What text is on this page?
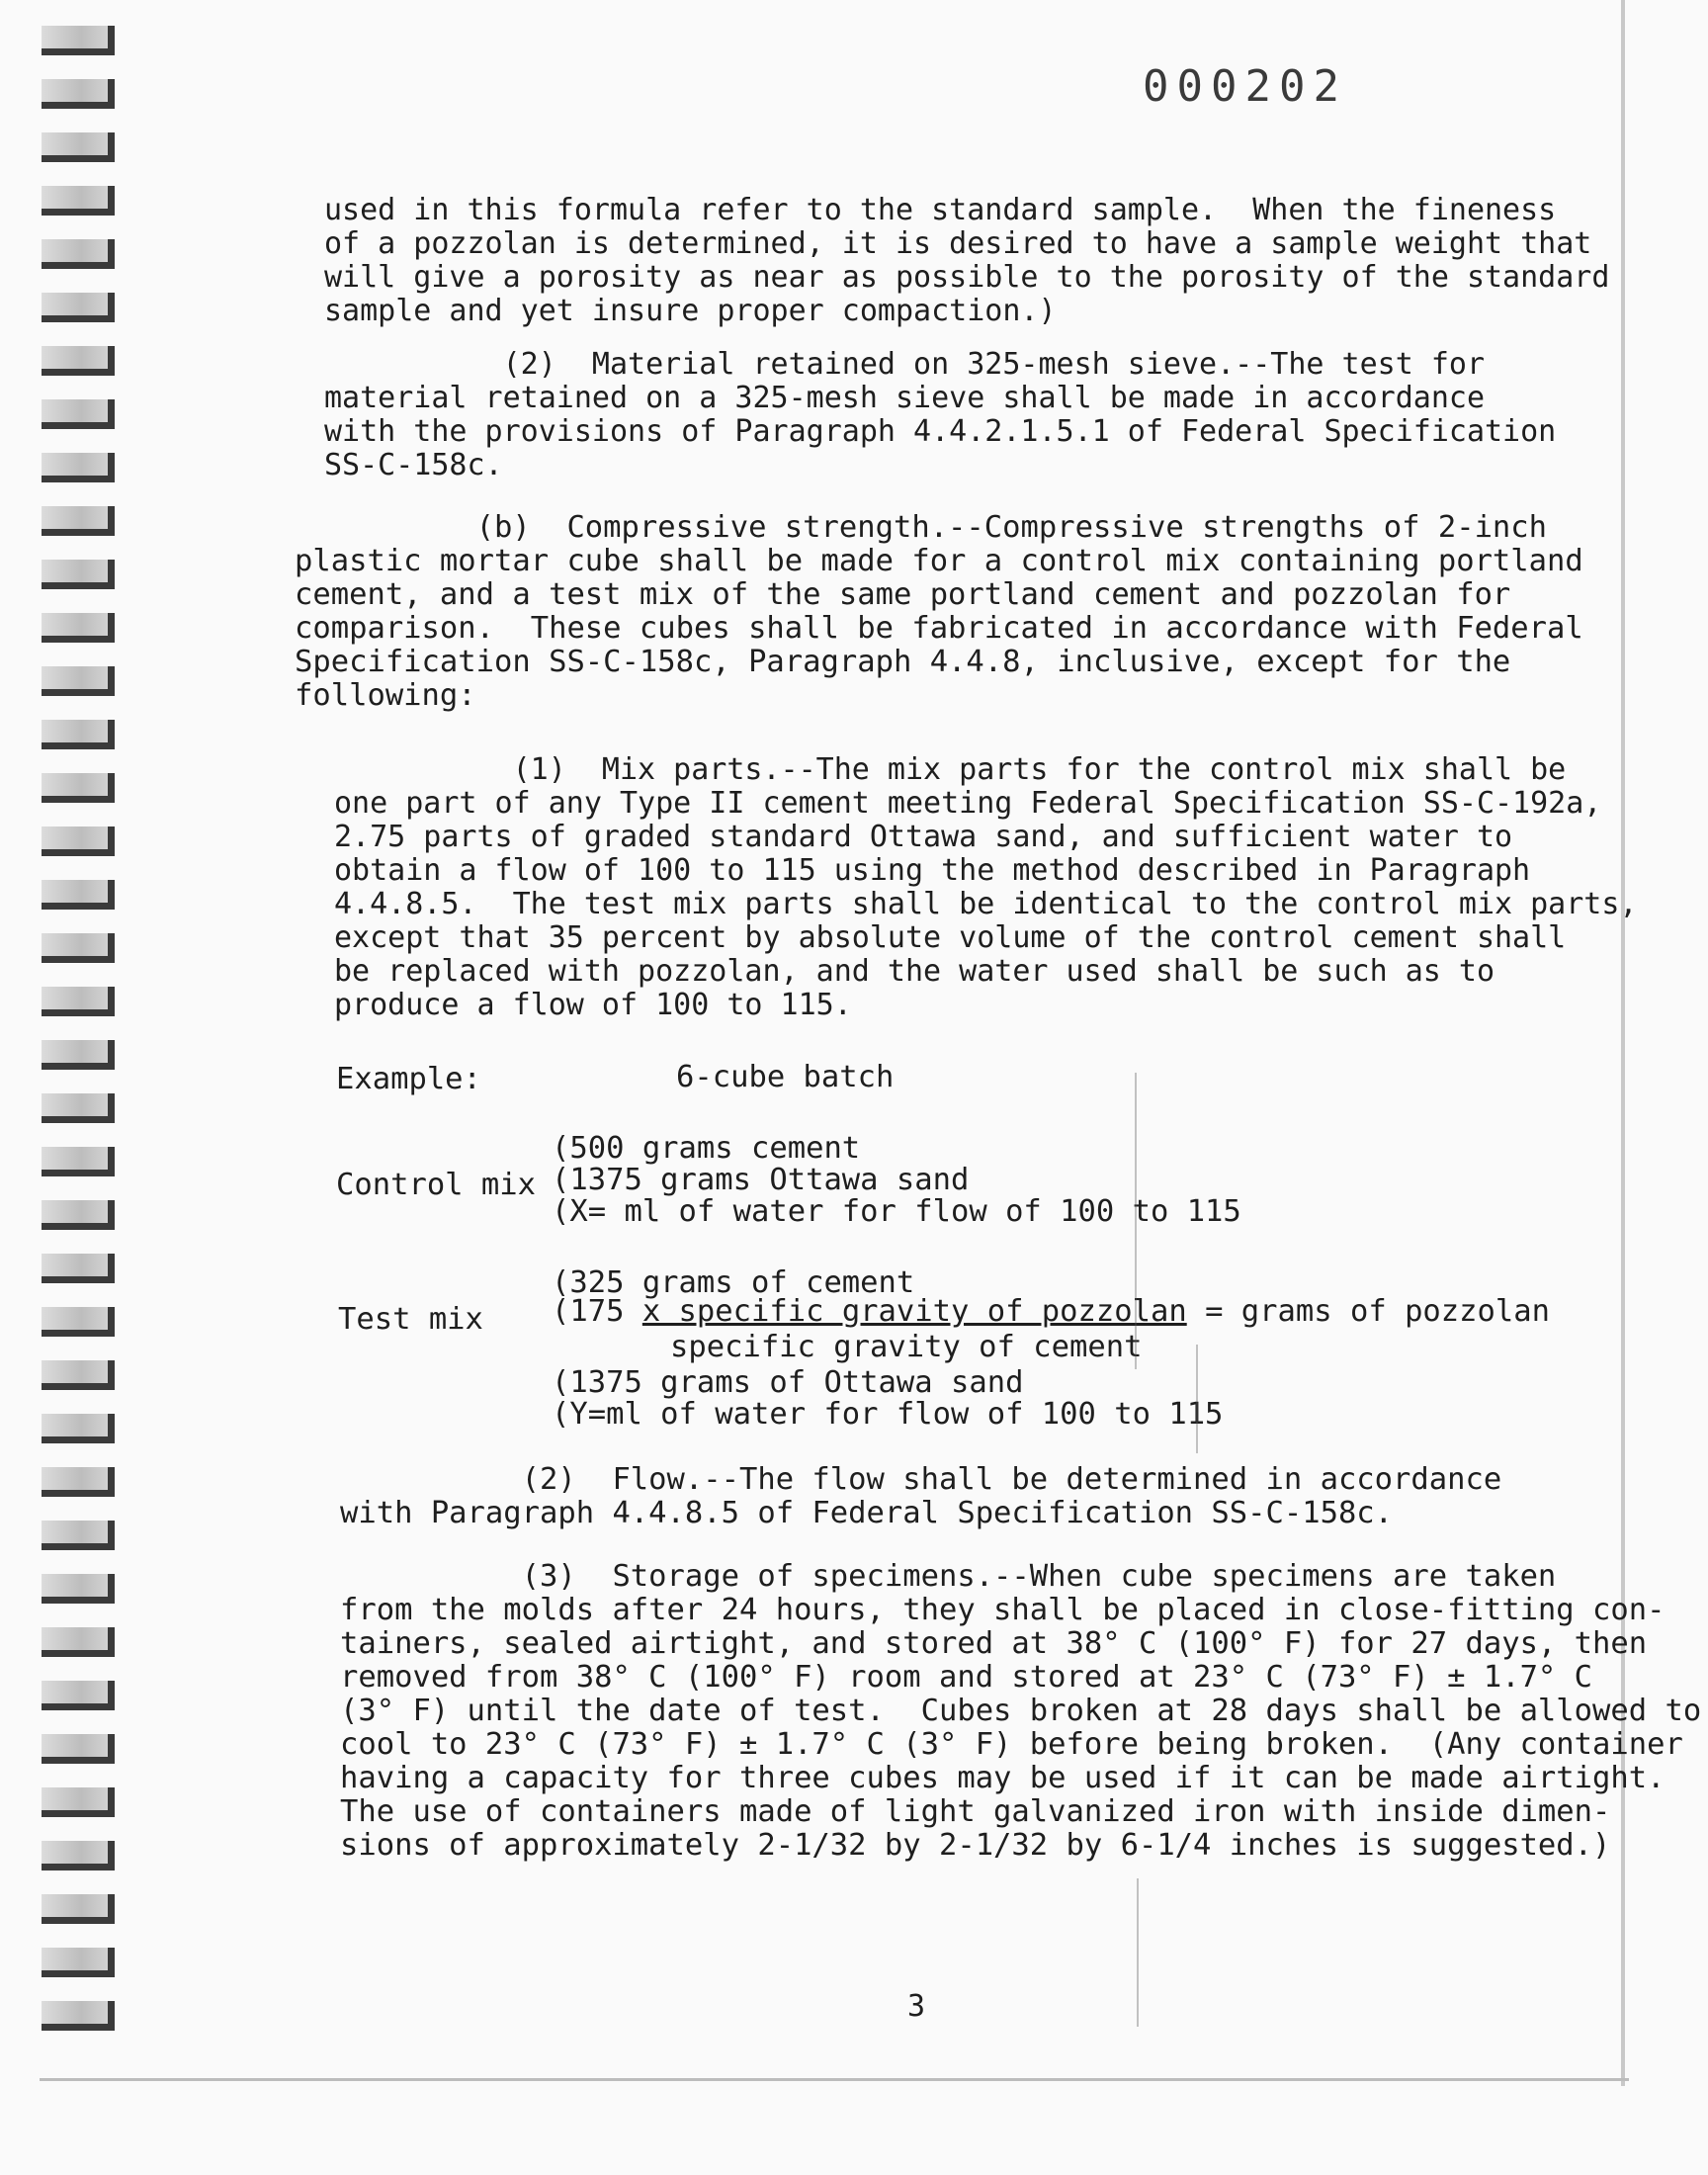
000202
used in this formula refer to the standard sample.  When the fineness
of a pozzolan is determined, it is desired to have a sample weight that
will give a porosity as near as possible to the porosity of the standard
sample and yet insure proper compaction.)
(2)  Material retained on 325-mesh sieve.--The test for
material retained on a 325-mesh sieve shall be made in accordance
with the provisions of Paragraph 4.4.2.1.5.1 of Federal Specification
SS-C-158c.
(b)  Compressive strength.--Compressive strengths of 2-inch
plastic mortar cube shall be made for a control mix containing portland
cement, and a test mix of the same portland cement and pozzolan for
comparison.  These cubes shall be fabricated in accordance with Federal
Specification SS-C-158c, Paragraph 4.4.8, inclusive, except for the
following:
(1)  Mix parts.--The mix parts for the control mix shall be
one part of any Type II cement meeting Federal Specification SS-C-192a,
2.75 parts of graded standard Ottawa sand, and sufficient water to
obtain a flow of 100 to 115 using the method described in Paragraph
4.4.8.5.  The test mix parts shall be identical to the control mix parts,
except that 35 percent by absolute volume of the control cement shall
be replaced with pozzolan, and the water used shall be such as to
produce a flow of 100 to 115.
Example:	6-cube batch
Control mix
(500 grams cement
(1375 grams Ottawa sand
(X= ml of water for flow of 100 to 115
Test mix
(325 grams of cement
(175 x specific gravity of pozzolan = grams of pozzolan
specific gravity of cement
(1375 grams of Ottawa sand
(Y=ml of water for flow of 100 to 115
(2)  Flow.--The flow shall be determined in accordance
with Paragraph 4.4.8.5 of Federal Specification SS-C-158c.
(3)  Storage of specimens.--When cube specimens are taken
from the molds after 24 hours, they shall be placed in close-fitting con-
tainers, sealed airtight, and stored at 38° C (100° F) for 27 days, then
removed from 38° C (100° F) room and stored at 23° C (73° F) ± 1.7° C
(3° F) until the date of test.  Cubes broken at 28 days shall be allowed to
cool to 23° C (73° F) ± 1.7° C (3° F) before being broken.  (Any container
having a capacity for three cubes may be used if it can be made airtight.
The use of containers made of light galvanized iron with inside dimen-
sions of approximately 2-1/32 by 2-1/32 by 6-1/4 inches is suggested.)
3
